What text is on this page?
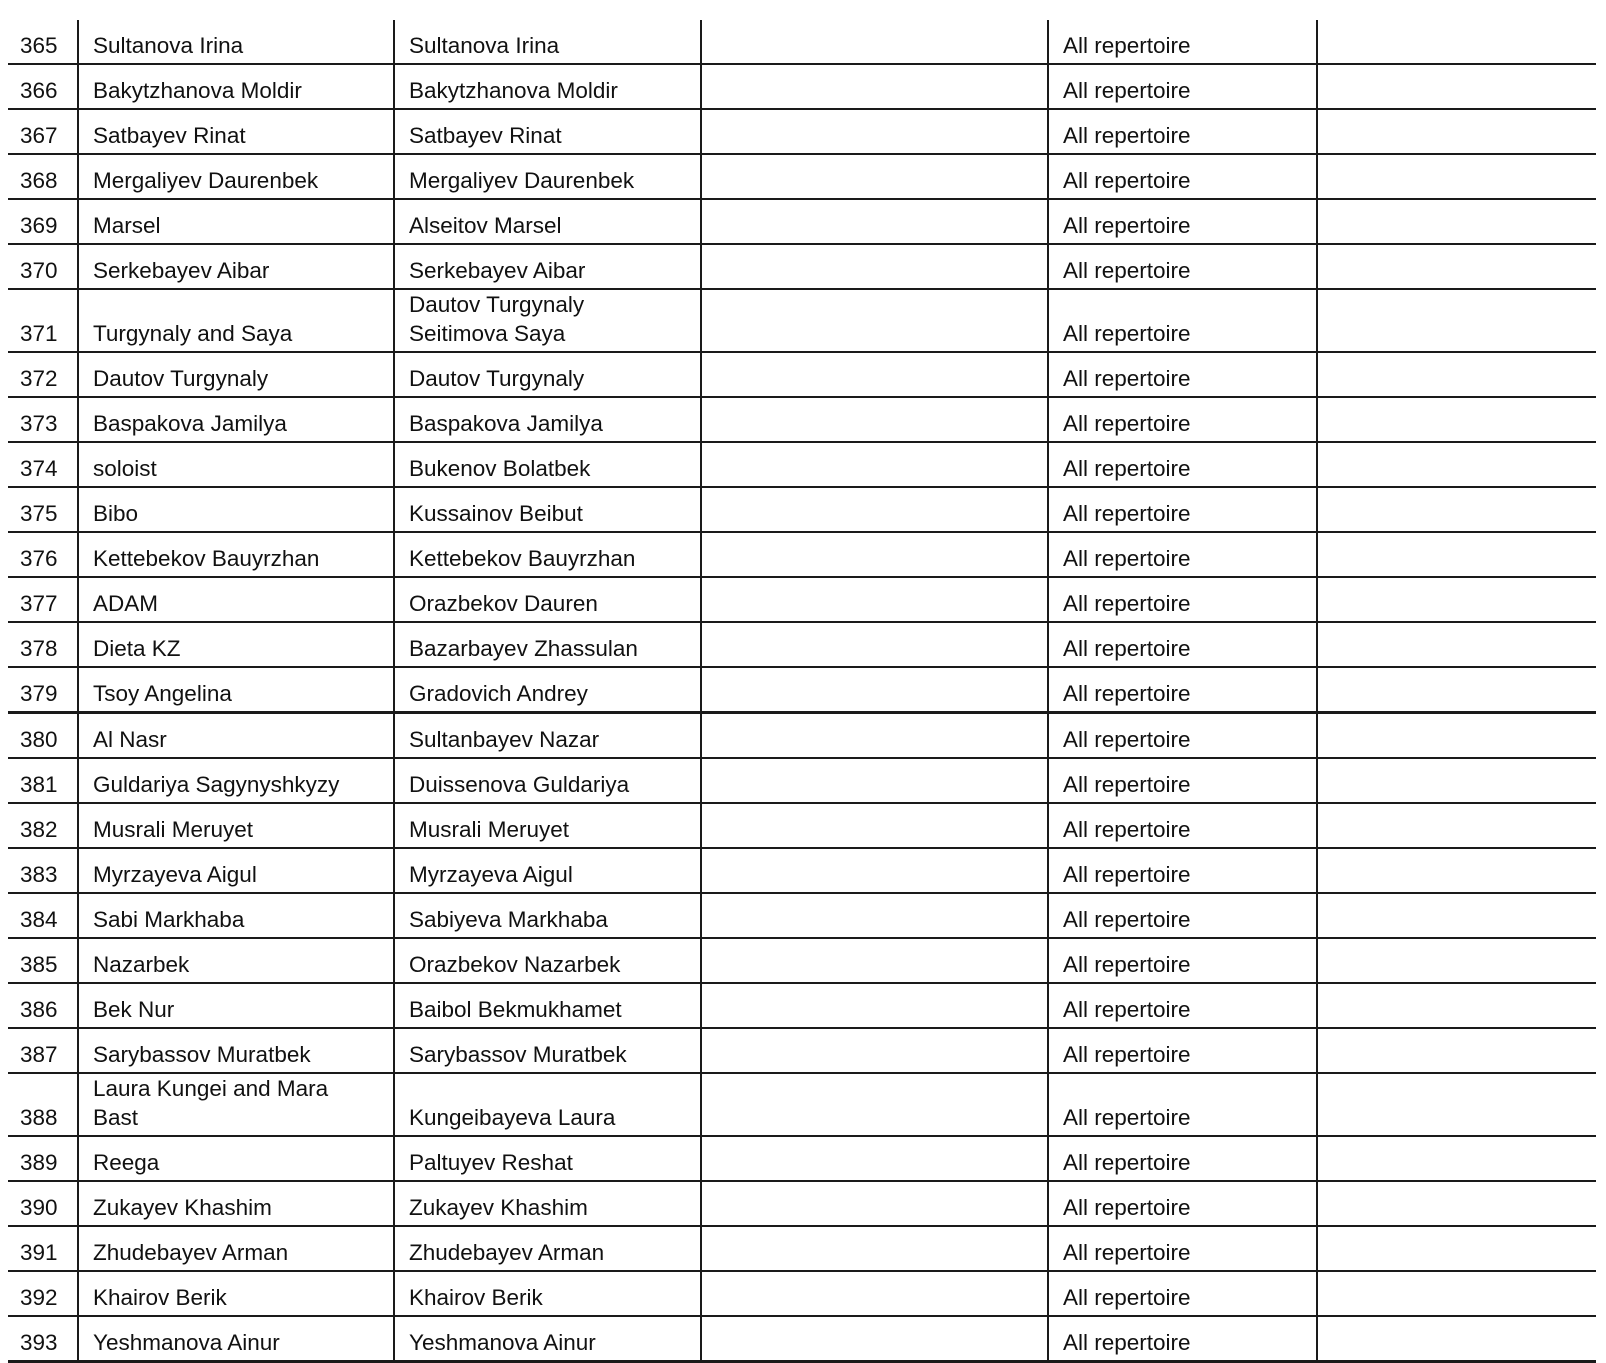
365	Sultanova Irina	Sultanova Irina		All repertoire	
366	Bakytzhanova Moldir	Bakytzhanova Moldir		All repertoire	
367	Satbayev Rinat	Satbayev Rinat		All repertoire	
368	Mergaliyev Daurenbek	Mergaliyev Daurenbek		All repertoire	
369	Marsel	Alseitov Marsel		All repertoire	
370	Serkebayev Aibar	Serkebayev Aibar		All repertoire	
371	Turgynaly and Saya	Dautov Turgynaly
Seitimova Saya		All repertoire	
372	Dautov Turgynaly	Dautov Turgynaly		All repertoire	
373	Baspakova Jamilya	Baspakova Jamilya		All repertoire	
374	soloist	Bukenov Bolatbek		All repertoire	
375	Bibo	Kussainov Beibut		All repertoire	
376	Kettebekov Bauyrzhan	Kettebekov Bauyrzhan		All repertoire	
377	ADAM	Orazbekov Dauren		All repertoire	
378	Dieta KZ	Bazarbayev Zhassulan		All repertoire	
379	Tsoy Angelina	Gradovich Andrey		All repertoire	
380	Al Nasr	Sultanbayev Nazar		All repertoire	
381	Guldariya Sagynyshkyzy	Duissenova Guldariya		All repertoire	
382	Musrali Meruyet	Musrali Meruyet		All repertoire	
383	Myrzayeva Aigul	Myrzayeva Aigul		All repertoire	
384	Sabi Markhaba	Sabiyeva Markhaba		All repertoire	
385	Nazarbek	Orazbekov Nazarbek		All repertoire	
386	Bek Nur	Baibol Bekmukhamet		All repertoire	
387	Sarybassov Muratbek	Sarybassov Muratbek		All repertoire	
388	Laura Kungei and Mara
Bast	Kungeibayeva Laura		All repertoire	
389	Reega	Paltuyev Reshat		All repertoire	
390	Zukayev Khashim	Zukayev Khashim		All repertoire	
391	Zhudebayev Arman	Zhudebayev Arman		All repertoire	
392	Khairov Berik	Khairov Berik		All repertoire	
393	Yeshmanova Ainur	Yeshmanova Ainur		All repertoire	
